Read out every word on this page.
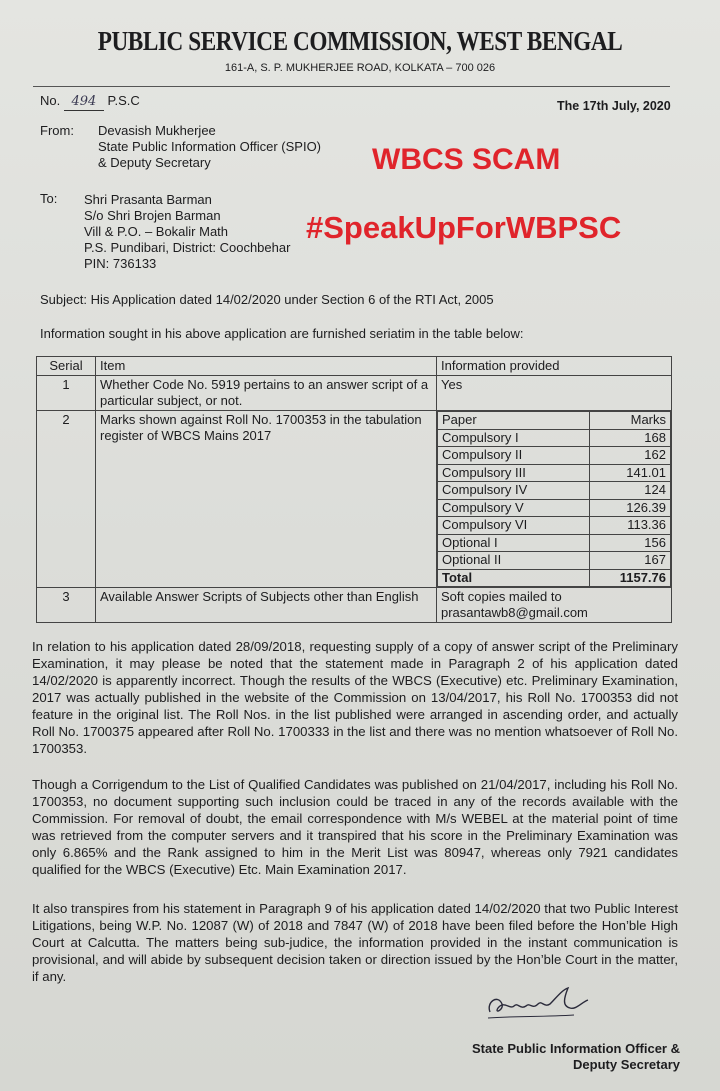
PUBLIC SERVICE COMMISSION, WEST BENGAL
161-A, S. P. MUKHERJEE ROAD, KOLKATA – 700 026
No. 494 P.S.C	The 17th July, 2020
From: Devasish Mukherjee
State Public Information Officer (SPIO)
& Deputy Secretary
To: Shri Prasanta Barman
S/o Shri Brojen Barman
Vill & P.O. – Bokalir Math
P.S. Pundibari, District: Coochbehar
PIN: 736133
WBCS SCAM
#SpeakUpForWBPSC
Subject: His Application dated 14/02/2020 under Section 6 of the RTI Act, 2005
Information sought in his above application are furnished seriatim in the table below:
Serial	Item	Information provided
1	Whether Code No. 5919 pertains to an answer script of a particular subject, or not.	Yes
2	Marks shown against Roll No. 1700353 in the tabulation register of WBCS Mains 2017	
Paper	Marks
Compulsory I	168
Compulsory II	162
Compulsory III	141.01
Compulsory IV	124
Compulsory V	126.39
Compulsory VI	113.36
Optional I	156
Optional II	167
Total	1157.76

3	Available Answer Scripts of Subjects other than English	Soft copies mailed to
prasantawb8@gmail.com
In relation to his application dated 28/09/2018, requesting supply of a copy of answer script of the Preliminary Examination, it may please be noted that the statement made in Paragraph 2 of his application dated 14/02/2020 is apparently incorrect. Though the results of the WBCS (Executive) etc. Preliminary Examination, 2017 was actually published in the website of the Commission on 13/04/2017, his Roll No. 1700353 did not feature in the original list. The Roll Nos. in the list published were arranged in ascending order, and actually Roll No. 1700375 appeared after Roll No. 1700333 in the list and there was no mention whatsoever of Roll No. 1700353.
Though a Corrigendum to the List of Qualified Candidates was published on 21/04/2017, including his Roll No. 1700353, no document supporting such inclusion could be traced in any of the records available with the Commission. For removal of doubt, the email correspondence with M/s WEBEL at the material point of time was retrieved from the computer servers and it transpired that his score in the Preliminary Examination was only 6.865% and the Rank assigned to him in the Merit List was 80947, whereas only 7921 candidates qualified for the WBCS (Executive) Etc. Main Examination 2017.
It also transpires from his statement in Paragraph 9 of his application dated 14/02/2020 that two Public Interest Litigations, being W.P. No. 12087 (W) of 2018 and 7847 (W) of 2018 have been filed before the Hon’ble High Court at Calcutta. The matters being sub-judice, the information provided in the instant communication is provisional, and will abide by subsequent decision taken or direction issued by the Hon’ble Court in the matter, if any.
State Public Information Officer &
Deputy Secretary
